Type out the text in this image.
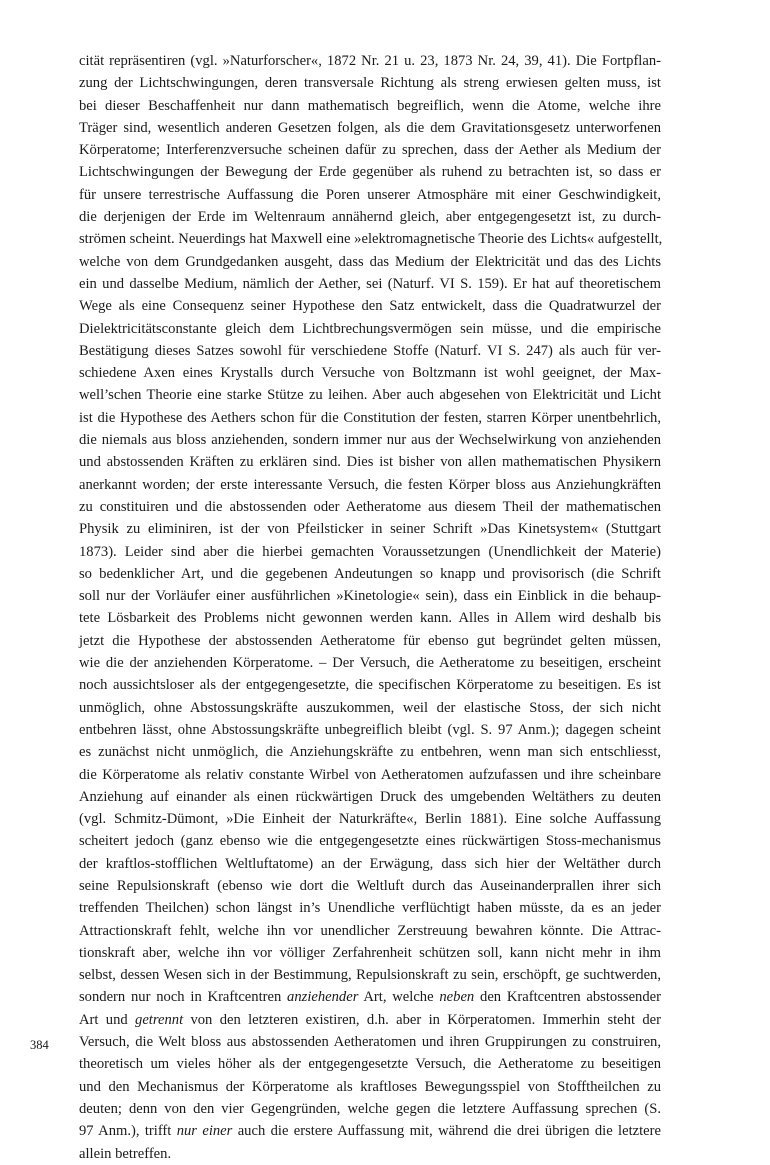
cität repräsentiren (vgl. »Naturforscher«, 1872 Nr. 21 u. 23, 1873 Nr. 24, 39, 41). Die Fortpflan-
zung der Lichtschwingungen, deren transversale Richtung als streng erwiesen gelten muss, ist
bei dieser Beschaffenheit nur dann mathematisch begreiflich, wenn die Atome, welche ihre
Träger sind, wesentlich anderen Gesetzen folgen, als die dem Gravitationsgesetz unterworfenen
Körperatome; Interferenzversuche scheinen dafür zu sprechen, dass der Aether als Medium der
Lichtschwingungen der Bewegung der Erde gegenüber als ruhend zu betrachten ist, so dass er
für unsere terrestrische Auffassung die Poren unserer Atmosphäre mit einer Geschwindigkeit,
die derjenigen der Erde im Weltenraum annähernd gleich, aber entgegengesetzt ist, zu durch-
strömen scheint. Neuerdings hat Maxwell eine »elektromagnetische Theorie des Lichts« aufgestellt,
welche von dem Grundgedanken ausgeht, dass das Medium der Elektricität und das des Lichts
ein und dasselbe Medium, nämlich der Aether, sei (Naturf. VI S. 159). Er hat auf theoretischem
Wege als eine Consequenz seiner Hypothese den Satz entwickelt, dass die Quadratwurzel der
Dielektricitätsconstante gleich dem Lichtbrechungsvermögen sein müsse, und die empirische
Bestätigung dieses Satzes sowohl für verschiedene Stoffe (Naturf. VI S. 247) als auch für ver-
schiedene Axen eines Krystalls durch Versuche von Boltzmann ist wohl geeignet, der Max-
well’schen Theorie eine starke Stütze zu leihen. Aber auch abgesehen von Elektricität und Licht
ist die Hypothese des Aethers schon für die Constitution der festen, starren Körper unentbehrlich,
die niemals aus bloss anziehenden, sondern immer nur aus der Wechselwirkung von anziehenden
und abstossenden Kräften zu erklären sind. Dies ist bisher von allen mathematischen Physikern
anerkannt worden; der erste interessante Versuch, die festen Körper bloss aus Anziehungkräften
zu constituiren und die abstossenden oder Aetheratome aus diesem Theil der mathematischen
Physik zu eliminiren, ist der von Pfeilsticker in seiner Schrift »Das Kinetsystem« (Stuttgart
1873). Leider sind aber die hierbei gemachten Voraussetzungen (Unendlichkeit der Materie)
so bedenklicher Art, und die gegebenen Andeutungen so knapp und provisorisch (die Schrift
soll nur der Vorläufer einer ausführlichen »Kinetologie« sein), dass ein Einblick in die behaup-
tete Lösbarkeit des Problems nicht gewonnen werden kann. Alles in Allem wird deshalb bis
jetzt die Hypothese der abstossenden Aetheratome für ebenso gut begründet gelten müssen,
wie die der anziehenden Körperatome. – Der Versuch, die Aetheratome zu beseitigen, erscheint
noch aussichtsloser als der entgegengesetzte, die specifischen Körperatome zu beseitigen. Es ist
unmöglich, ohne Abstossungskräfte auszukommen, weil der elastische Stoss, der sich nicht
entbehren lässt, ohne Abstossungskräfte unbegreiflich bleibt (vgl. S. 97 Anm.); dagegen scheint
es zunächst nicht unmöglich, die Anziehungskräfte zu entbehren, wenn man sich entschliesst,
die Körperatome als relativ constante Wirbel von Aetheratomen aufzufassen und ihre scheinbare
Anziehung auf einander als einen rückwärtigen Druck des umgebenden Weltäthers zu deuten
(vgl. Schmitz-Dümont, »Die Einheit der Naturkräfte«, Berlin 1881). Eine solche Auffassung
scheitert jedoch (ganz ebenso wie die entgegengesetzte eines rückwärtigen Stoss-mechanismus
der kraftlos-stofflichen Weltluftatome) an der Erwägung, dass sich hier der Weltäther durch
seine Repulsionskraft (ebenso wie dort die Weltluft durch das Auseinanderprallen ihrer sich
treffenden Theilchen) schon längst in’s Unendliche verflüchtigt haben müsste, da es an jeder
Attractionskraft fehlt, welche ihn vor unendlicher Zerstreuung bewahren könnte. Die Attrac-
tionskraft aber, welche ihn vor völliger Zerfahrenheit schützen soll, kann nicht mehr in ihm
selbst, dessen Wesen sich in der Bestimmung, Repulsionskraft zu sein, erschöpft, ge suchtwerden,
sondern nur noch in Kraftcentren anziehender Art, welche neben den Kraftcentren abstossender
Art und getrennt von den letzteren existiren, d.h. aber in Körperatomen. Immerhin steht der
Versuch, die Welt bloss aus abstossenden Aetheratomen und ihren Gruppirungen zu construiren,
theoretisch um vieles höher als der entgegengesetzte Versuch, die Aetheratome zu beseitigen
und den Mechanismus der Körperatome als kraftloses Bewegungsspiel von Stofftheilchen zu
deuten; denn von den vier Gegengründen, welche gegen die letztere Auffassung sprechen (S.
97 Anm.), trifft nur einer auch die erstere Auffassung mit, während die drei übrigen die letztere
allein betreffen.
384
